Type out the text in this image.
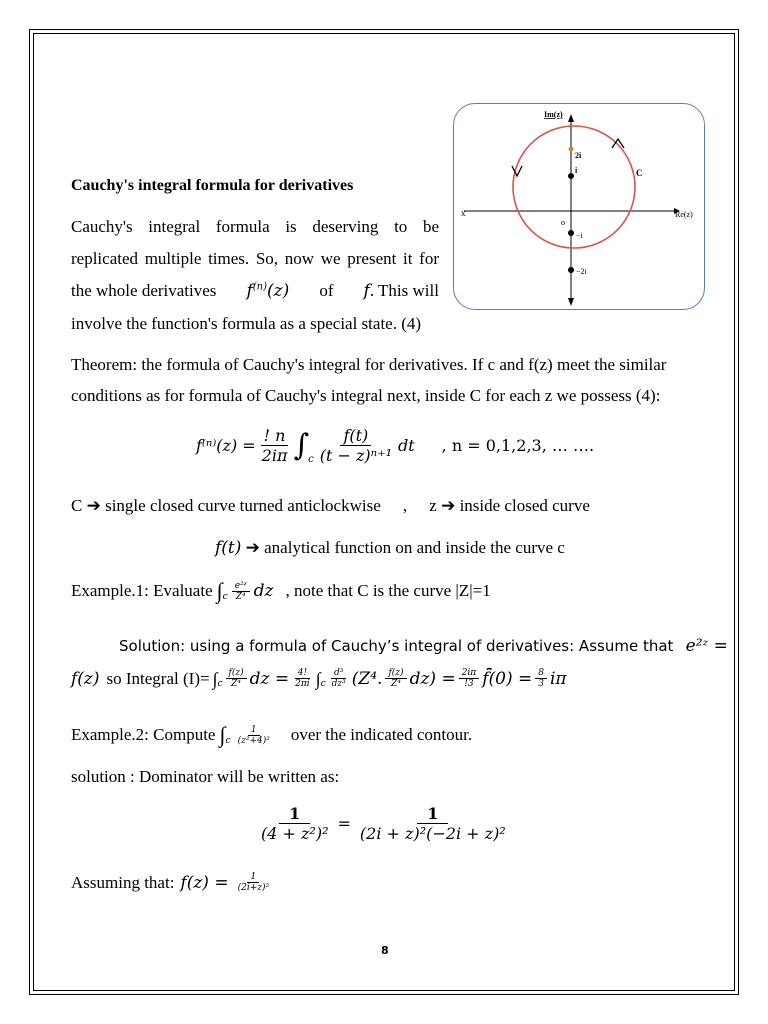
Im(z)
Re(z)
x
o
C
2i
i
−i
−2i
Cauchy's integral formula for derivatives
Cauchy's integral formula is deserving to be
replicated multiple times. So, now we present it for
the whole derivatives $f^{(n)}(z)$ of f. This will
involve the function's formula as a special state. (4)
Theorem: the formula of Cauchy's integral for derivatives. If c and f(z) meet the similar
conditions as for formula of Cauchy's integral next, inside C for each z we possess (4):
$f^{(n)}(z) = \frac{! n}{2i\pi}$ ∫ c $\frac{f(t)}{\text{(t − z)ⁿ⁺¹}}$ dt , n = 0,1,2,3, … ….
C ➔ single closed curve turned anticlockwise , z ➔ inside closed curve
f(t) ➔ analytical function on and inside the curve c
Example.1: Evaluate ∫ c $\frac{\text{e²ᶻ}}{\text{Z⁴}}$ dz , note that C is the curve |Z|=1
Solution: using a formula of Cauchy’s integral of derivatives: Assume that e²ᶻ =
f(z) so Integral (I)= ∫ c $\frac{f(z)}{\text{Z⁴}}$ dz = $\frac{4!}{2\pi i}$ ∫ c $\frac{\text{d³}}{\text{dz³}} (Z^4$. $\frac{f(z)}{\text{Z⁴}} dz) = \frac{2i\pi}{!3}$ f̈̇(0) = $\frac{8}{3}$ iπ
Example.2: Compute ∫ c $\frac{1}{\text{(z²+4)²}}$ over the indicated contour.
solution : Dominator will be written as:
$\frac{1}{\text{(4 + z²)²}} = \frac{1}{\text{(2i + z)²(−2i + z)²}}$
Assuming that: $f(z) = \frac{1}{\text{(2i+z)²}}$
8
